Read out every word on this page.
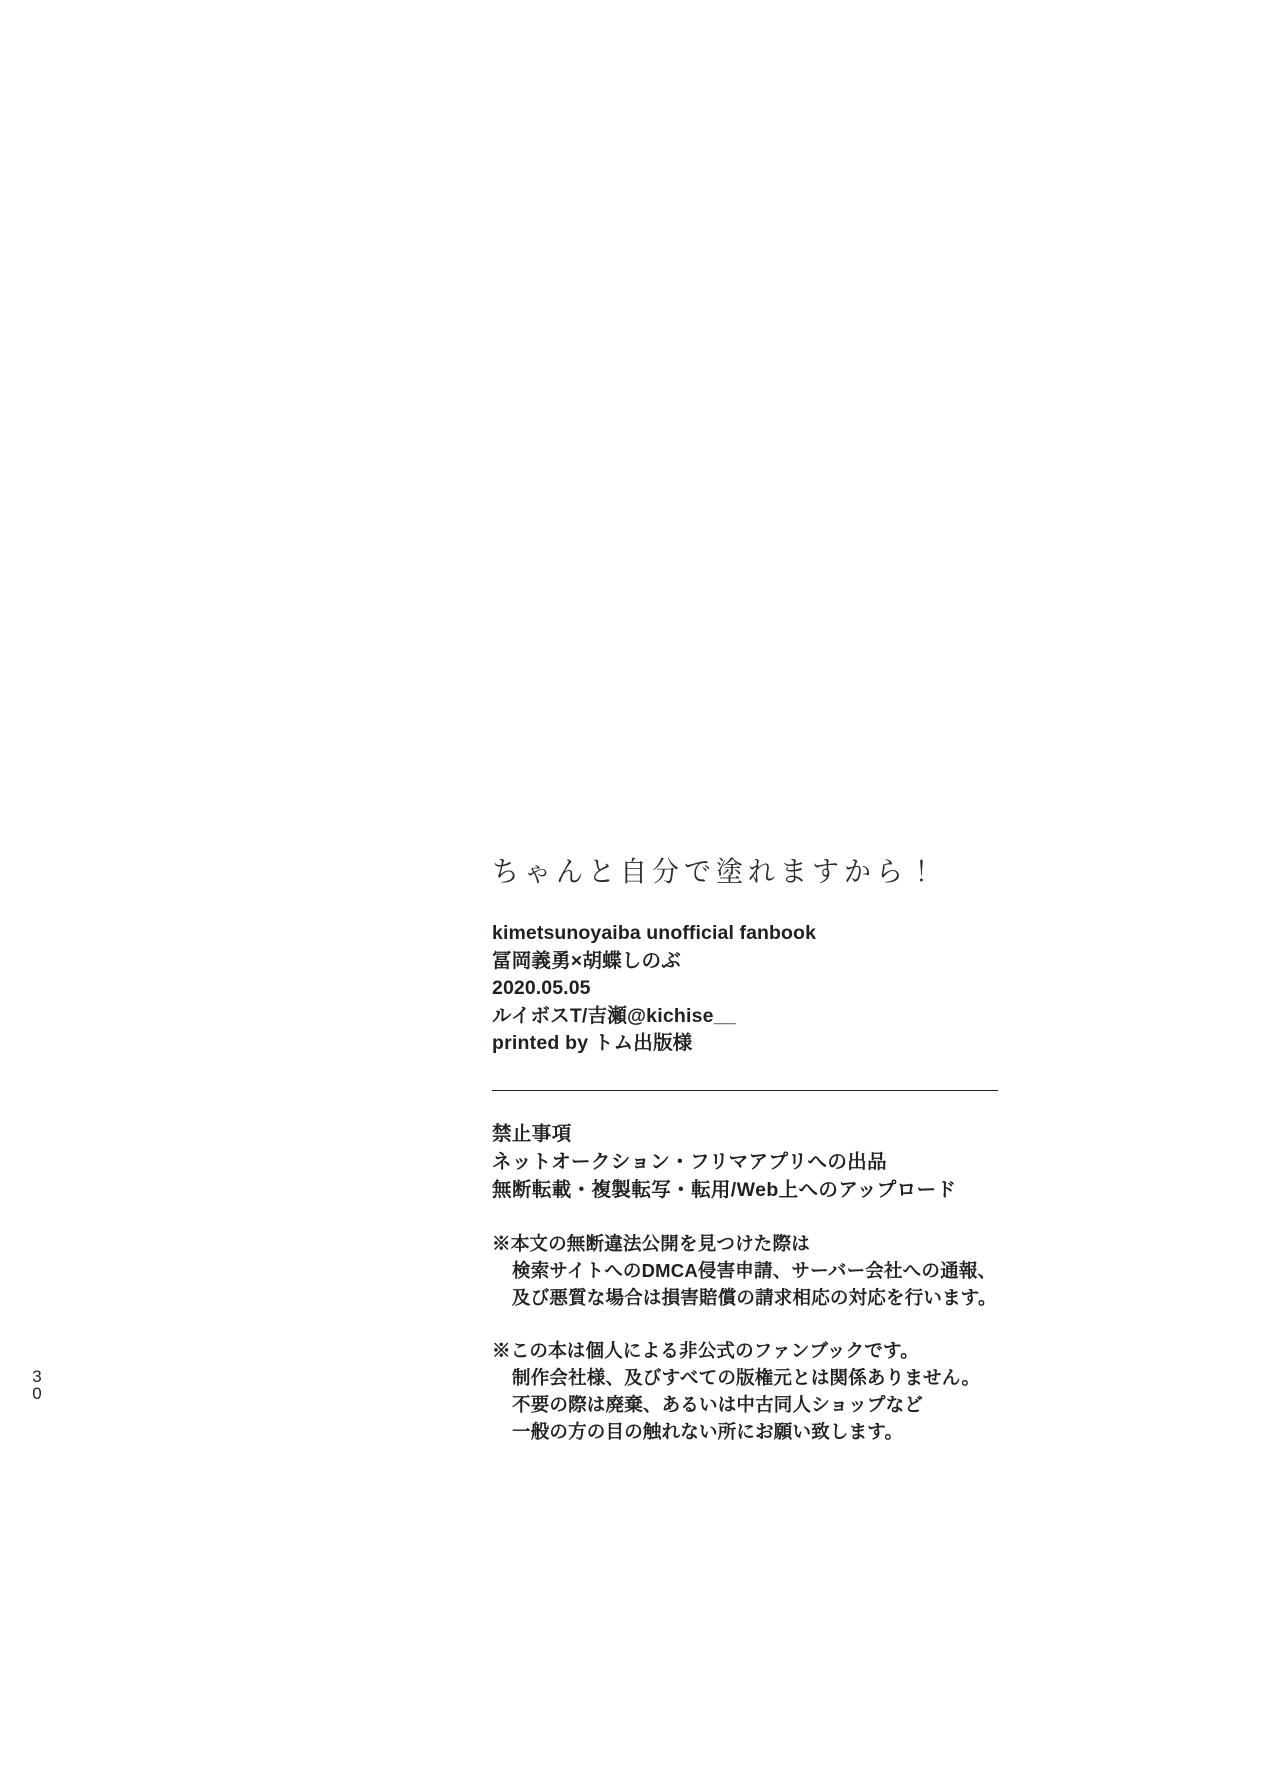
3
0
ちゃんと自分で塗れますから！
kimetsunoyaiba unofficial fanbook
冨岡義勇×胡蝶しのぶ
2020.05.05
ルイボスT/吉瀬@kichise__
printed by トム出版様
禁止事項
ネットオークション・フリマアプリへの出品
無断転載・複製転写・転用/Web上へのアップロード
※本文の無断違法公開を見つけた際は
検索サイトへのDMCA侵害申請、サーバー会社への通報、
及び悪質な場合は損害賠償の請求相応の対応を行います。
※この本は個人による非公式のファンブックです。
制作会社様、及びすべての版権元とは関係ありません。
不要の際は廃棄、あるいは中古同人ショップなど
一般の方の目の触れない所にお願い致します。
